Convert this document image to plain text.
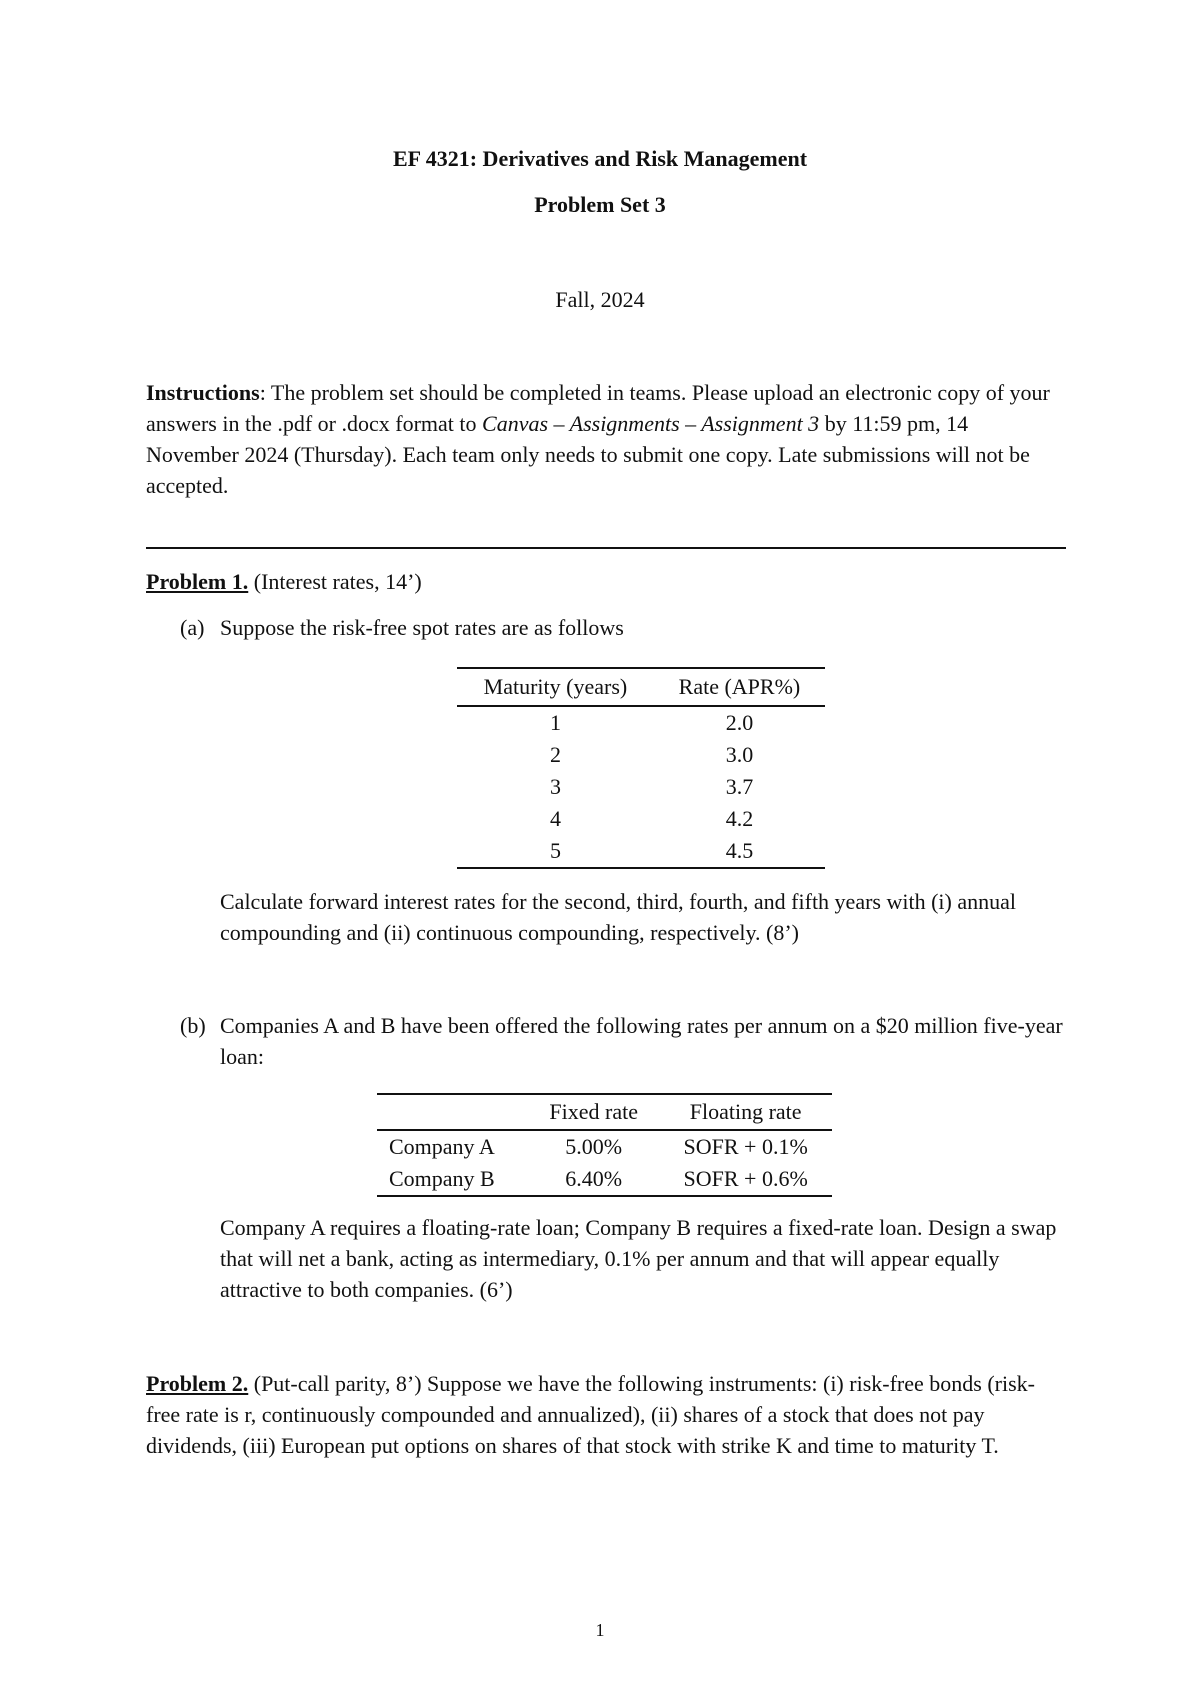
EF 4321: Derivatives and Risk Management
Problem Set 3
Fall, 2024
Instructions: The problem set should be completed in teams. Please upload an electronic copy of your answers in the .pdf or .docx format to Canvas – Assignments – Assignment 3 by 11:59 pm, 14 November 2024 (Thursday). Each team only needs to submit one copy. Late submissions will not be accepted.
Problem 1. (Interest rates, 14’)
(a) Suppose the risk-free spot rates are as follows
Maturity (years)	Rate (APR%)
1	2.0
2	3.0
3	3.7
4	4.2
5	4.5
Calculate forward interest rates for the second, third, fourth, and fifth years with (i) annual compounding and (ii) continuous compounding, respectively. (8’)
(b) Companies A and B have been offered the following rates per annum on a $20 million five-year loan:
	Fixed rate	Floating rate
Company A	5.00%	SOFR + 0.1%
Company B	6.40%	SOFR + 0.6%
Company A requires a floating-rate loan; Company B requires a fixed-rate loan. Design a swap that will net a bank, acting as intermediary, 0.1% per annum and that will appear equally attractive to both companies. (6’)
Problem 2. (Put-call parity, 8’) Suppose we have the following instruments: (i) risk-free bonds (risk-free rate is r, continuously compounded and annualized), (ii) shares of a stock that does not pay dividends, (iii) European put options on shares of that stock with strike K and time to maturity T.
1
